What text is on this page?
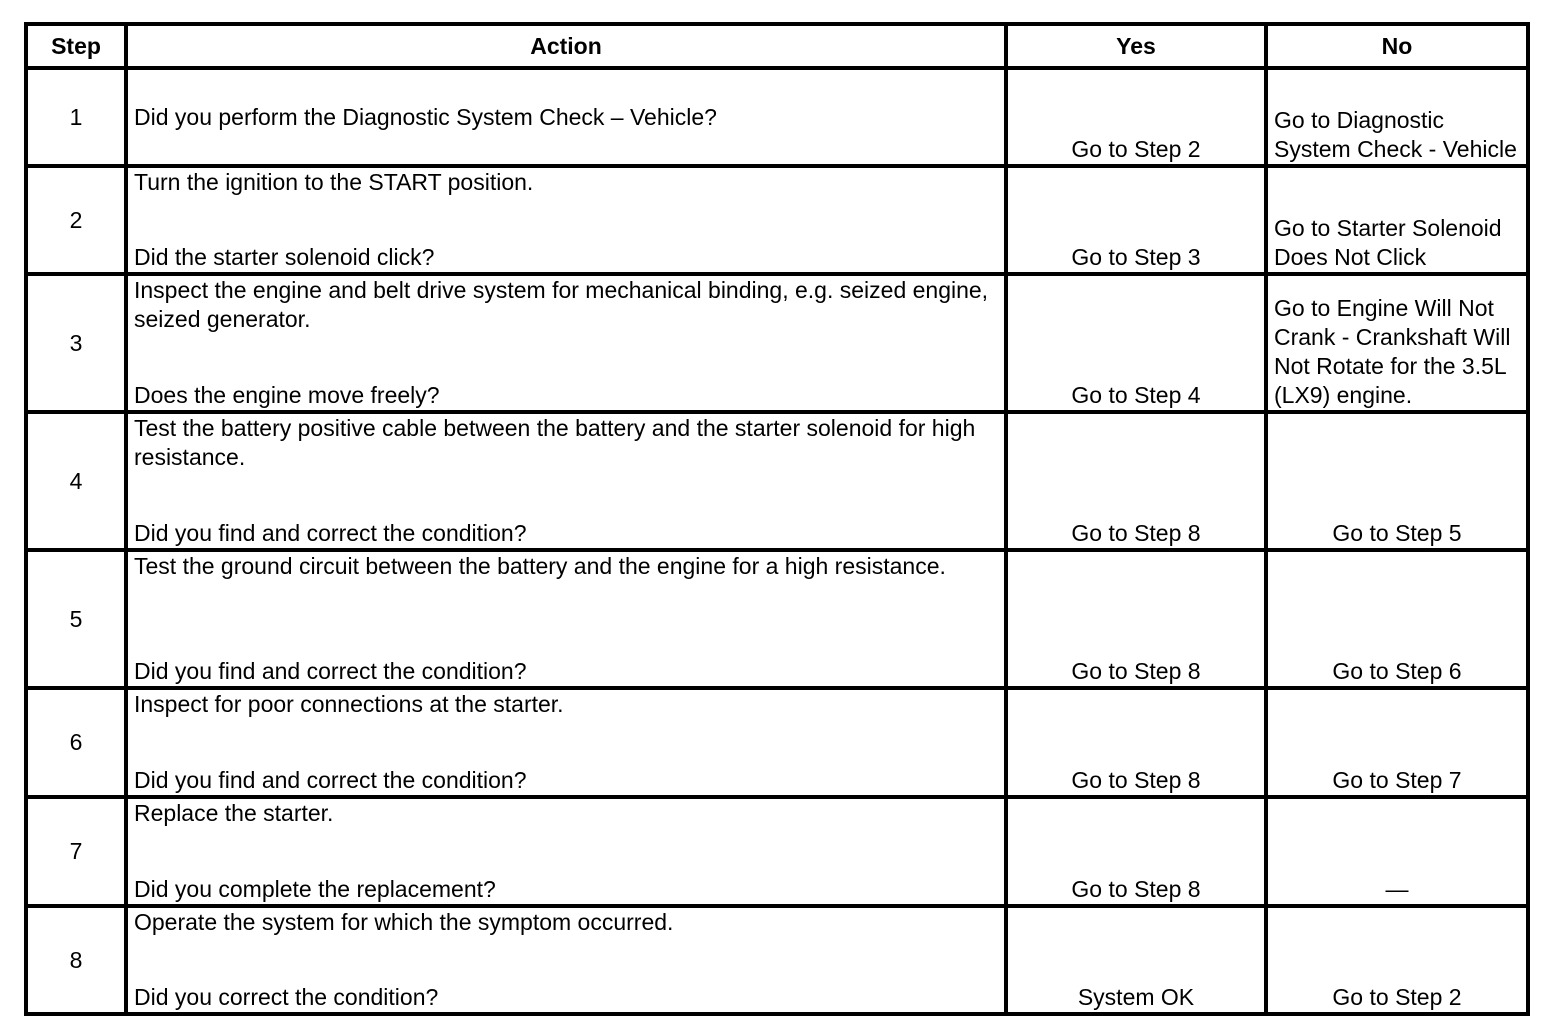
Step	Action	Yes	No
1	Did you perform the Diagnostic System Check – Vehicle?	Go to Step 2	Go to Diagnostic System Check - Vehicle
2	Turn the ignition to the START position.
Did the starter solenoid click?	Go to Step 3	Go to Starter Solenoid Does Not Click
3	Inspect the engine and belt drive system for mechanical binding, e.g. seized engine, seized generator.
Does the engine move freely?	Go to Step 4	Go to Engine Will Not Crank - Crankshaft Will Not Rotate for the 3.5L (LX9) engine.
4	Test the battery positive cable between the battery and the starter solenoid for high resistance.
Did you find and correct the condition?	Go to Step 8	Go to Step 5
5	Test the ground circuit between the battery and the engine for a high resistance.
Did you find and correct the condition?	Go to Step 8	Go to Step 6
6	Inspect for poor connections at the starter.
Did you find and correct the condition?	Go to Step 8	Go to Step 7
7	Replace the starter.
Did you complete the replacement?	Go to Step 8	—
8	Operate the system for which the symptom occurred.
Did you correct the condition?	System OK	Go to Step 2
